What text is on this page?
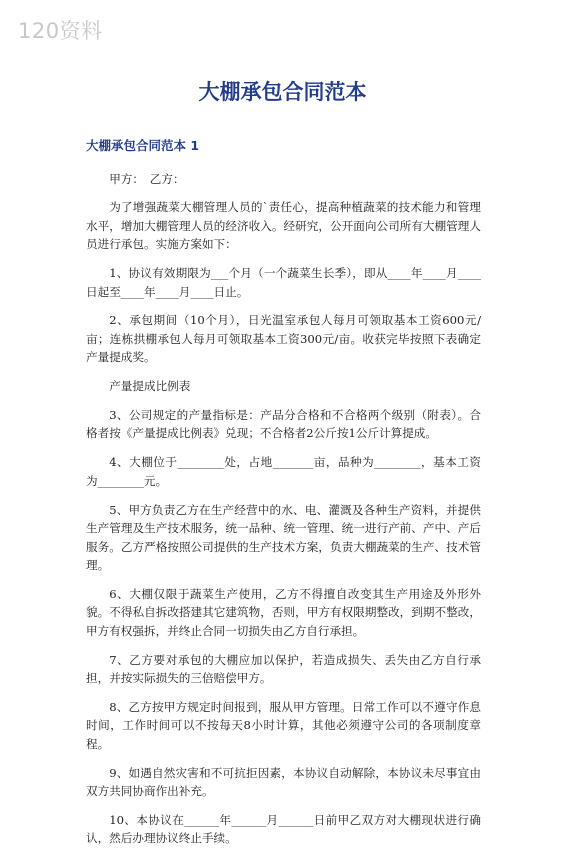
120资料
大棚承包合同范本
大棚承包合同范本 1

甲方：　乙方：

为了增强蔬菜大棚管理人员的`责任心，提高种植蔬菜的技术能力和管理水平，增加大棚管理人员的经济收入。经研究，公开面向公司所有大棚管理人员进行承包。实施方案如下：

1、协议有效期限为___个月（一个蔬菜生长季），即从____年____月____日起至____年____月____日止。

2、承包期间（10个月），日光温室承包人每月可领取基本工资600元/亩；连栋拱棚承包人每月可领取基本工资300元/亩。收获完毕按照下表确定产量提成奖。

产量提成比例表

3、公司规定的产量指标是：产品分合格和不合格两个级别（附表）。合格者按《产量提成比例表》兑现；不合格者2公斤按1公斤计算提成。

4、大棚位于________处，占地_______亩，品种为________，基本工资为________元。

5、甲方负责乙方在生产经营中的水、电、灌溉及各种生产资料，并提供生产管理及生产技术服务，统一品种、统一管理、统一进行产前、产中、产后服务。乙方严格按照公司提供的生产技术方案，负责大棚蔬菜的生产、技术管理。

6、大棚仅限于蔬菜生产使用，乙方不得擅自改变其生产用途及外形外貌。不得私自拆改搭建其它建筑物，否则，甲方有权限期整改，到期不整改，甲方有权强拆，并终止合同一切损失由乙方自行承担。

7、乙方要对承包的大棚应加以保护，若造成损失、丢失由乙方自行承担，并按实际损失的三倍赔偿甲方。

8、乙方按甲方规定时间报到，服从甲方管理。日常工作可以不遵守作息时间，工作时间可以不按每天8小时计算，其他必须遵守公司的各项制度章程。

9、如遇自然灾害和不可抗拒因素，本协议自动解除，本协议未尽事宜由双方共同协商作出补充。

10、本协议在______年______月______日前甲乙双方对大棚现状进行确认，然后办理协议终止手续。
